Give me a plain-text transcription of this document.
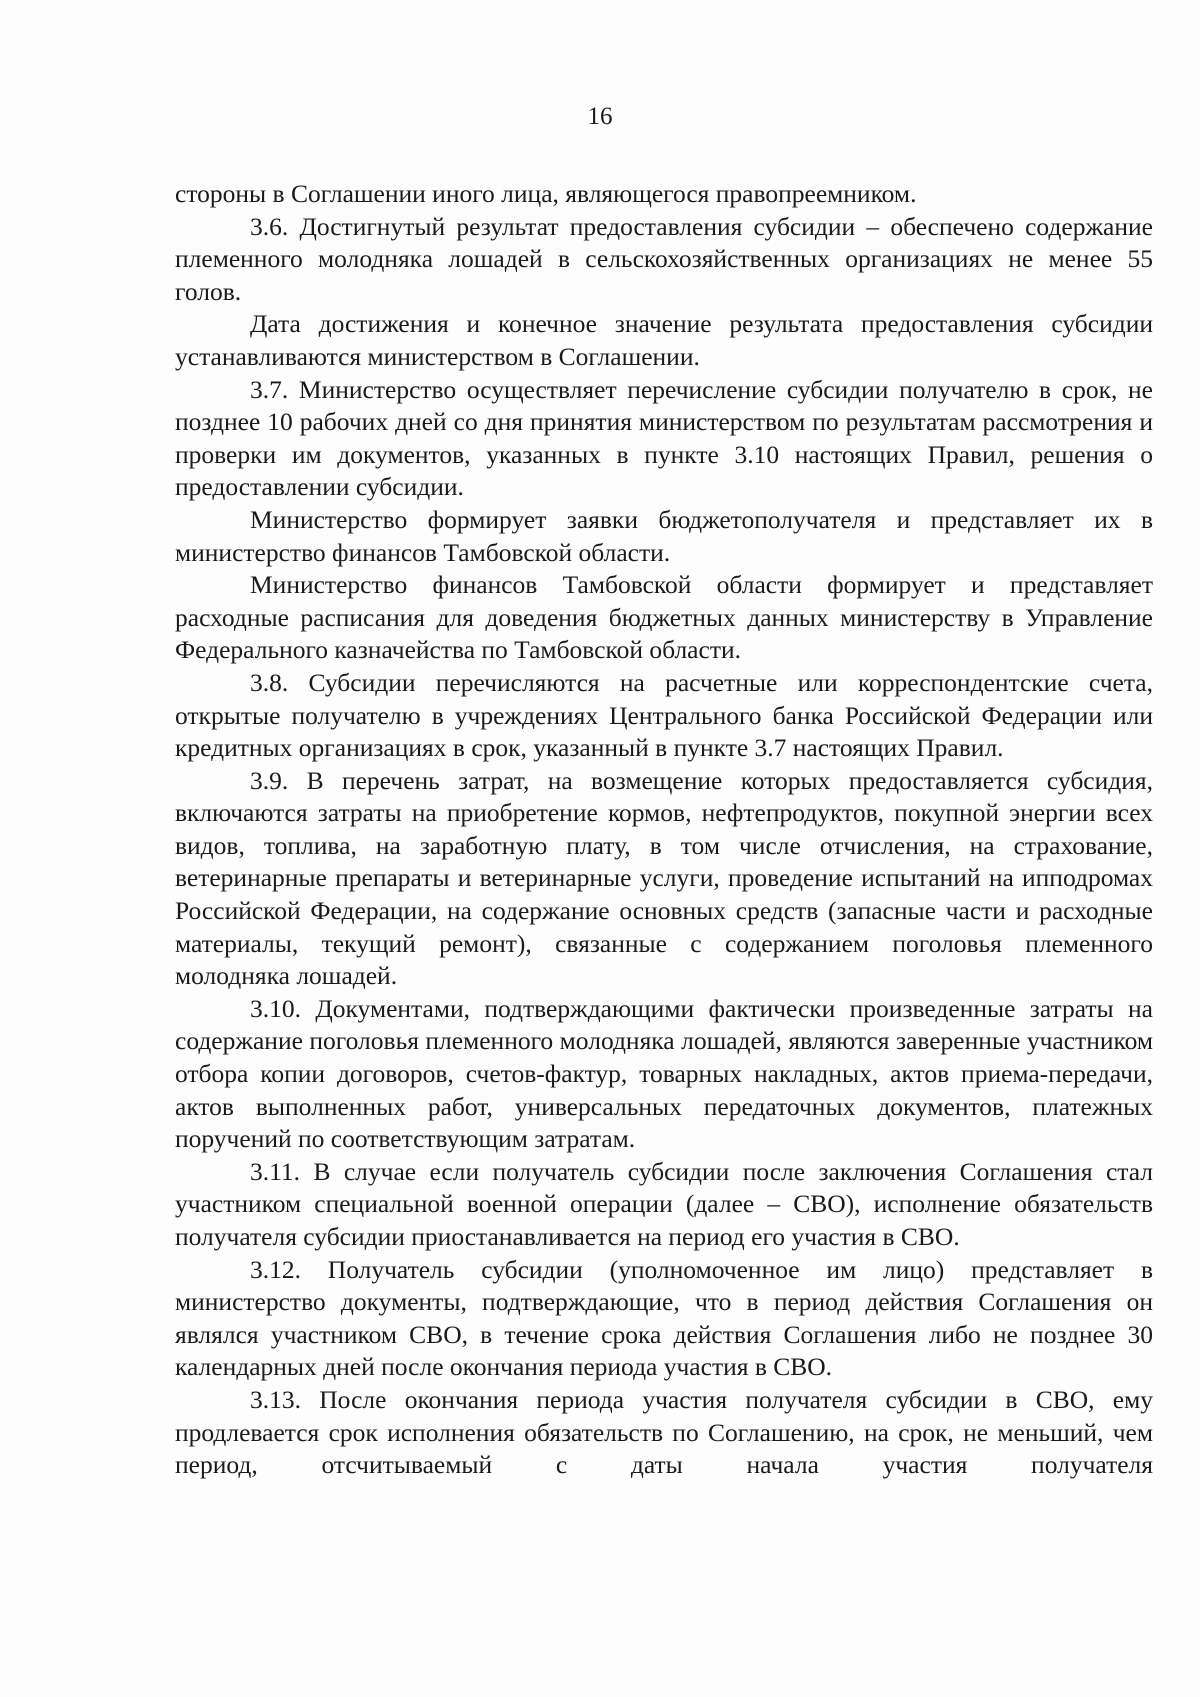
16

стороны в Соглашении иного лица, являющегося правопреемником.

3.6. Достигнутый результат предоставления субсидии – обеспечено содержание племенного молодняка лошадей в сельскохозяйственных организациях не менее 55 голов.

Дата достижения и конечное значение результата предоставления субсидии устанавливаются министерством в Соглашении.

3.7. Министерство осуществляет перечисление субсидии получателю в срок, не позднее 10 рабочих дней со дня принятия министерством по результатам рассмотрения и проверки им документов, указанных в пункте 3.10 настоящих Правил, решения о предоставлении субсидии.

Министерство формирует заявки бюджетополучателя и представляет их в министерство финансов Тамбовской области.

Министерство финансов Тамбовской области формирует и представляет расходные расписания для доведения бюджетных данных министерству в Управление Федерального казначейства по Тамбовской области.

3.8. Субсидии перечисляются на расчетные или корреспондентские счета, открытые получателю в учреждениях Центрального банка Российской Федерации или кредитных организациях в срок, указанный в пункте 3.7 настоящих Правил.

3.9. В перечень затрат, на возмещение которых предоставляется субсидия, включаются затраты на приобретение кормов, нефтепродуктов, покупной энергии всех видов, топлива, на заработную плату, в том числе отчисления, на страхование, ветеринарные препараты и ветеринарные услуги, проведение испытаний на ипподромах Российской Федерации, на содержание основных средств (запасные части и расходные материалы, текущий ремонт), связанные с содержанием поголовья племенного молодняка лошадей.

3.10. Документами, подтверждающими фактически произведенные затраты на содержание поголовья племенного молодняка лошадей, являются заверенные участником отбора копии договоров, счетов-фактур, товарных накладных, актов приема-передачи, актов выполненных работ, универсальных передаточных документов, платежных поручений по соответствующим затратам.

3.11. В случае если получатель субсидии после заключения Соглашения стал участником специальной военной операции (далее – СВО), исполнение обязательств получателя субсидии приостанавливается на период его участия в СВО.

3.12. Получатель субсидии (уполномоченное им лицо) представляет в министерство документы, подтверждающие, что в период действия Соглашения он являлся участником СВО, в течение срока действия Соглашения либо не позднее 30 календарных дней после окончания периода участия в СВО.

3.13. После окончания периода участия получателя субсидии в СВО, ему продлевается срок исполнения обязательств по Соглашению, на срок, не меньший, чем период, отсчитываемый с даты начала участия получателя
